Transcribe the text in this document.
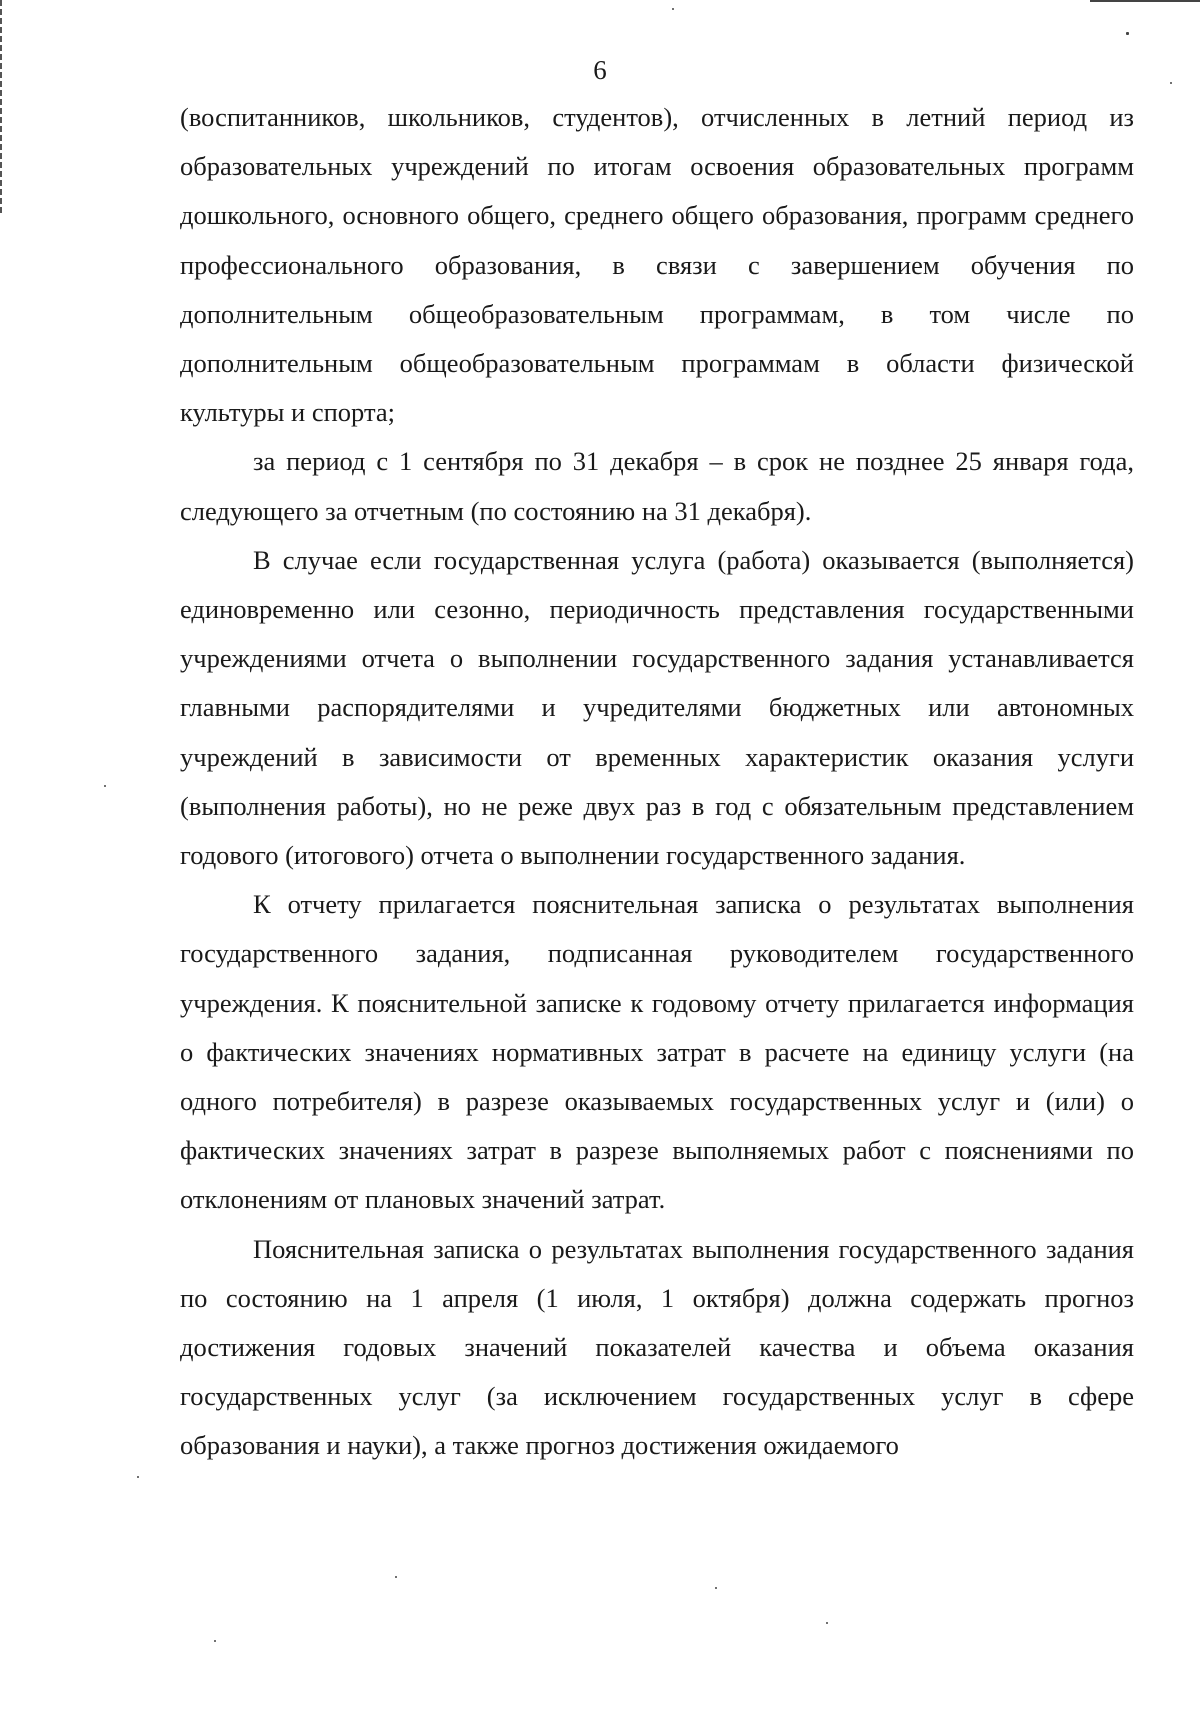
6

(воспитанников, школьников, студентов), отчисленных в летний период из образовательных учреждений по итогам освоения образовательных программ дошкольного, основного общего, среднего общего образования, программ среднего профессионального образования, в связи с завершением обучения по дополнительным общеобразовательным программам, в том числе по дополнительным общеобразовательным программам в области физической культуры и спорта;

за период с 1 сентября по 31 декабря – в срок не позднее 25 января года, следующего за отчетным (по состоянию на 31 декабря).

В случае если государственная услуга (работа) оказывается (выполняется) единовременно или сезонно, периодичность представления государственными учреждениями отчета о выполнении государственного задания устанавливается главными распорядителями и учредителями бюджетных или автономных учреждений в зависимости от временных характеристик оказания услуги (выполнения работы), но не реже двух раз в год с обязательным представлением годового (итогового) отчета о выполнении государственного задания.

К отчету прилагается пояснительная записка о результатах выполнения государственного задания, подписанная руководителем государственного учреждения. К пояснительной записке к годовому отчету прилагается информация о фактических значениях нормативных затрат в расчете на единицу услуги (на одного потребителя) в разрезе оказываемых государственных услуг и (или) о фактических значениях затрат в разрезе выполняемых работ с пояснениями по отклонениям от плановых значений затрат.

Пояснительная записка о результатах выполнения государственного задания по состоянию на 1 апреля (1 июля, 1 октября) должна содержать прогноз достижения годовых значений показателей качества и объема оказания государственных услуг (за исключением государственных услуг в сфере образования и науки), а также прогноз достижения ожидаемого
